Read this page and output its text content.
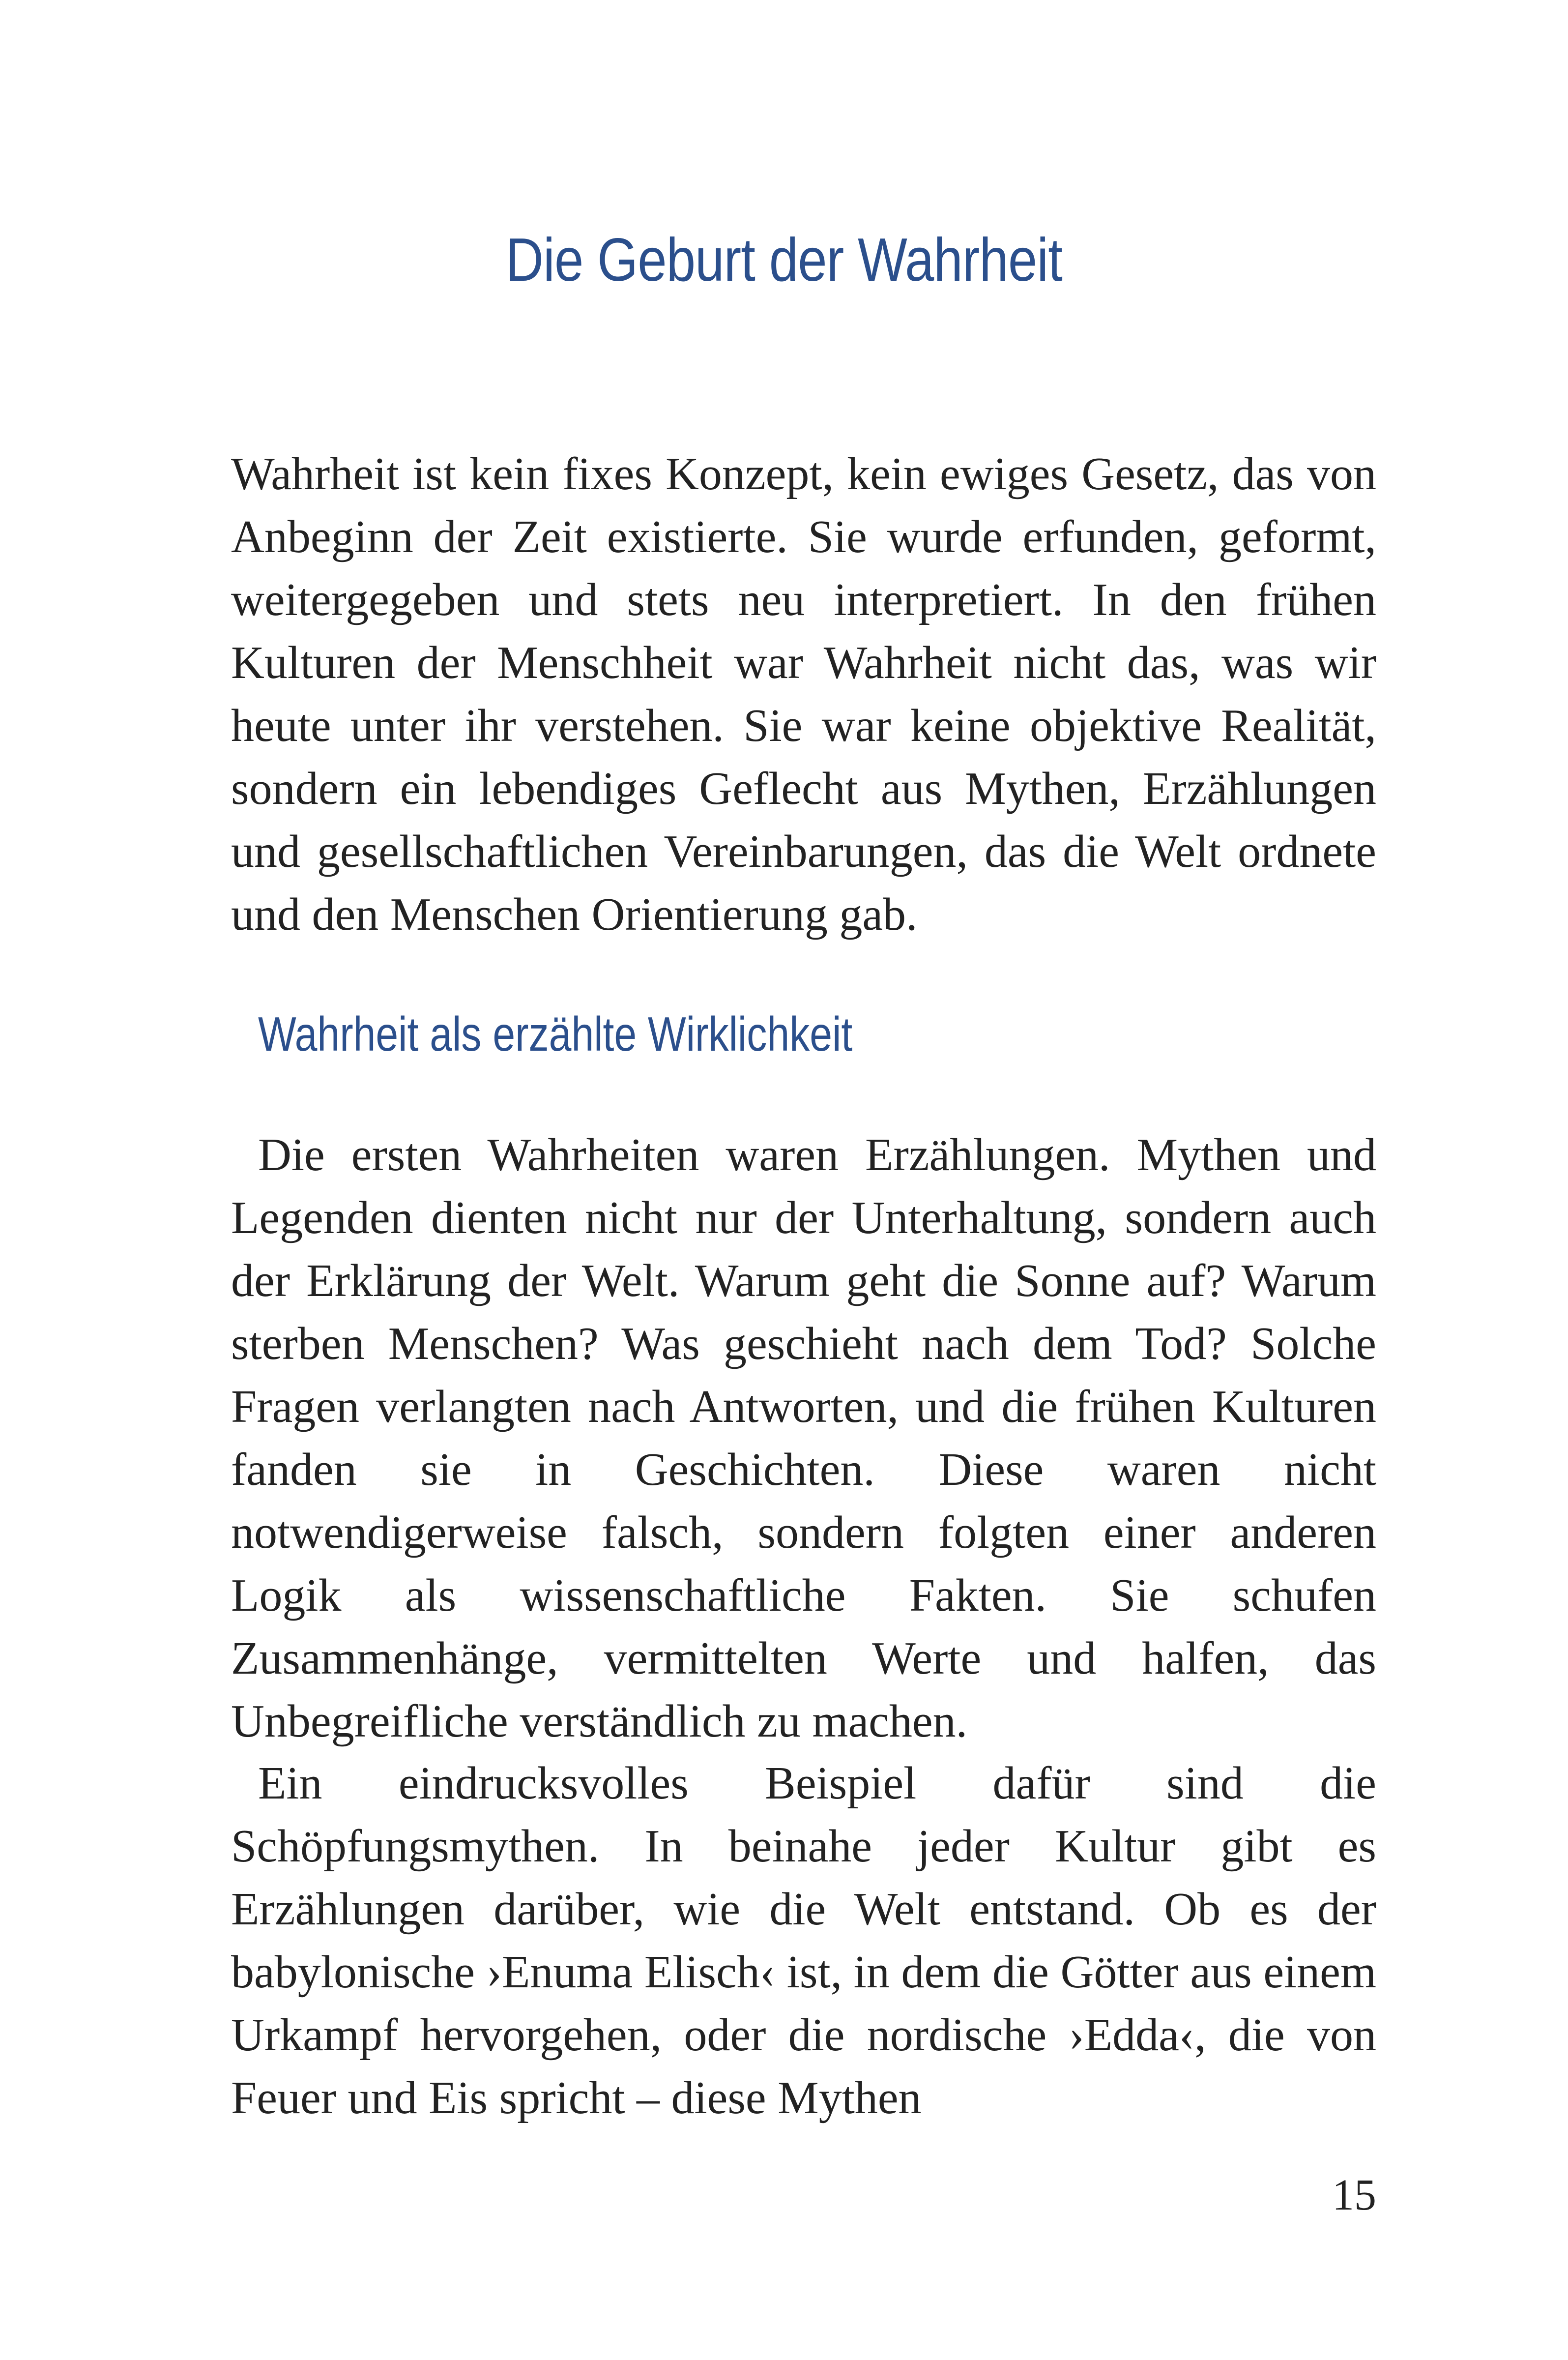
Die Geburt der Wahrheit

Wahrheit ist kein fixes Konzept, kein ewiges Gesetz, das von Anbeginn der Zeit existierte. Sie wurde erfunden, geformt, weitergegeben und stets neu interpretiert. In den frühen Kulturen der Menschheit war Wahrheit nicht das, was wir heute unter ihr verstehen. Sie war keine objektive Realität, sondern ein lebendiges Geflecht aus Mythen, Erzählungen und gesellschaftlichen Vereinbarungen, das die Welt ordnete und den Menschen Orientierung gab.

Wahrheit als erzählte Wirklichkeit

Die ersten Wahrheiten waren Erzählungen. Mythen und Legenden dienten nicht nur der Unterhaltung, sondern auch der Erklärung der Welt. Warum geht die Sonne auf? Warum sterben Menschen? Was geschieht nach dem Tod? Solche Fragen verlangten nach Antworten, und die frühen Kulturen fanden sie in Geschichten. Diese waren nicht notwendigerweise falsch, sondern folgten einer anderen Logik als wissenschaftliche Fakten. Sie schufen Zusammenhänge, vermittelten Werte und halfen, das Unbegreifliche verständlich zu machen.

Ein eindrucksvolles Beispiel dafür sind die Schöpfungsmythen. In beinahe jeder Kultur gibt es Erzählungen darüber, wie die Welt entstand. Ob es der babylonische ›Enuma Elisch‹ ist, in dem die Götter aus einem Urkampf hervorgehen, oder die nordische ›Edda‹, die von Feuer und Eis spricht – diese Mythen

15
